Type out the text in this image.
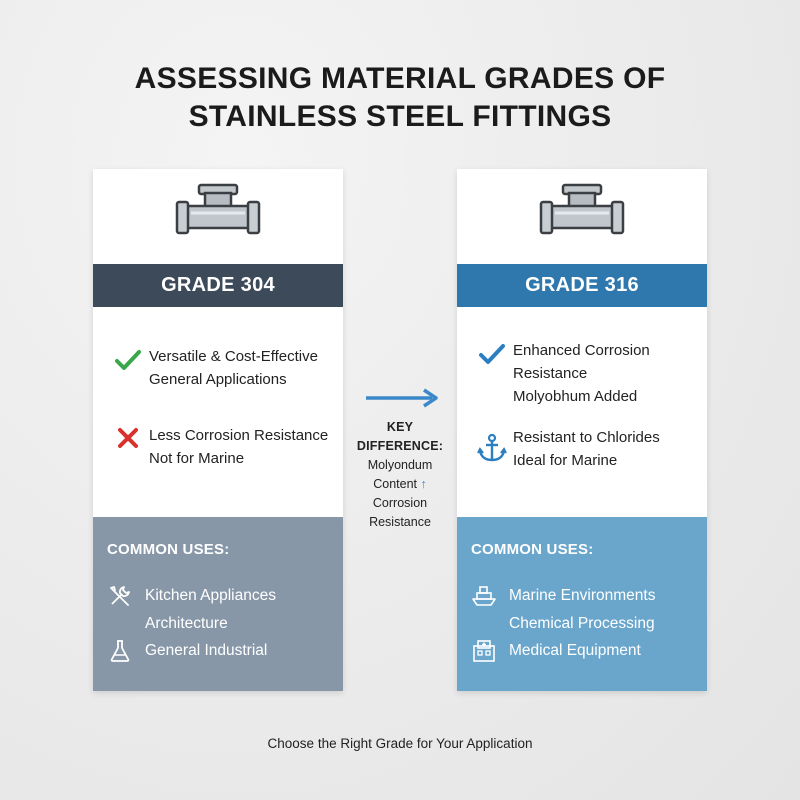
ASSESSING MATERIAL GRADES OF
STAINLESS STEEL FITTINGS
GRADE 304
Versatile & Cost-Effective
General Applications
Less Corrosion Resistance
Not for Marine
COMMON USES:
Kitchen Appliances
Architecture
General Industrial
KEY DIFFERENCE:
Molyondum
Content ↑
Corrosion
Resistance
GRADE 316
Enhanced Corrosion
Resistance
Molyobhum Added
Resistant to Chlorides
Ideal for Marine
COMMON USES:
Marine Environments
Chemical Processing
Medical Equipment
Choose the Right Grade for Your Application
